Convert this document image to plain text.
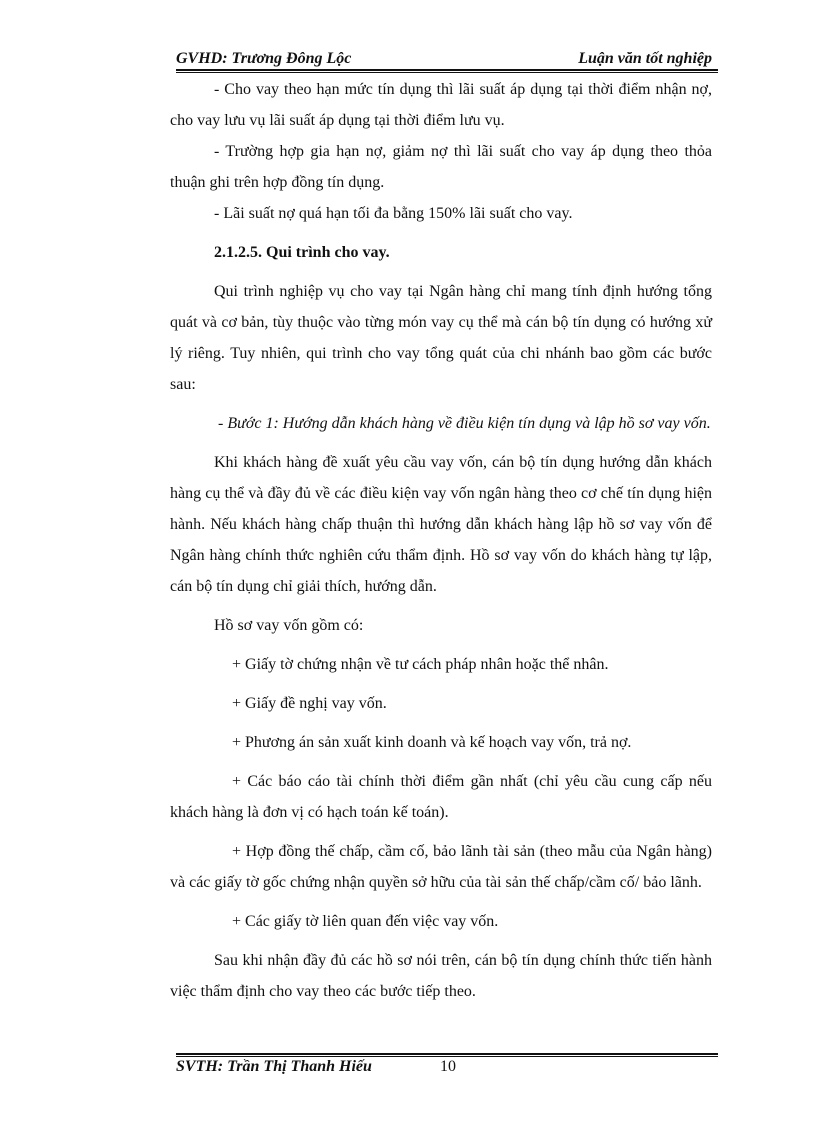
GVHD: Trương Đông Lộc	Luận văn tốt nghiệp

- Cho vay theo hạn mức tín dụng thì lãi suất áp dụng tại thời điểm nhận nợ, cho vay lưu vụ lãi suất áp dụng tại thời điểm lưu vụ.

- Trường hợp gia hạn nợ, giảm nợ thì lãi suất cho vay áp dụng theo thỏa thuận ghi trên hợp đồng tín dụng.

- Lãi suất nợ quá hạn tối đa bằng 150% lãi suất cho vay.

2.1.2.5. Qui trình cho vay.

Qui trình nghiệp vụ cho vay tại Ngân hàng chỉ mang tính định hướng tổng quát và cơ bản, tùy thuộc vào từng món vay cụ thể mà cán bộ tín dụng có hướng xử lý riêng. Tuy nhiên, qui trình cho vay tổng quát của chi nhánh bao gồm các bước sau:

- Bước 1: Hướng dẫn khách hàng về điều kiện tín dụng và lập hồ sơ vay vốn.

Khi khách hàng đề xuất yêu cầu vay vốn, cán bộ tín dụng hướng dẫn khách hàng cụ thể và đầy đủ về các điều kiện vay vốn ngân hàng theo cơ chế tín dụng hiện hành. Nếu khách hàng chấp thuận thì hướng dẫn khách hàng lập hồ sơ vay vốn để Ngân hàng chính thức nghiên cứu thẩm định. Hồ sơ vay vốn do khách hàng tự lập, cán bộ tín dụng chỉ giải thích, hướng dẫn.

Hồ sơ vay vốn gồm có:

+ Giấy tờ chứng nhận về tư cách pháp nhân hoặc thể nhân.

+ Giấy đề nghị vay vốn.

+ Phương án sản xuất kinh doanh và kế hoạch vay vốn, trả nợ.

+ Các báo cáo tài chính thời điểm gần nhất (chỉ yêu cầu cung cấp nếu khách hàng là đơn vị có hạch toán kế toán).

+ Hợp đồng thế chấp, cầm cố, bảo lãnh tài sản (theo mẫu của Ngân hàng) và các giấy tờ gốc chứng nhận quyền sở hữu của tài sản thế chấp/cầm cố/ bảo lãnh.

+ Các giấy tờ liên quan đến việc vay vốn.

Sau khi nhận đầy đủ các hồ sơ nói trên, cán bộ tín dụng chính thức tiến hành việc thẩm định cho vay theo các bước tiếp theo.

SVTH: Trần Thị Thanh Hiếu	10
